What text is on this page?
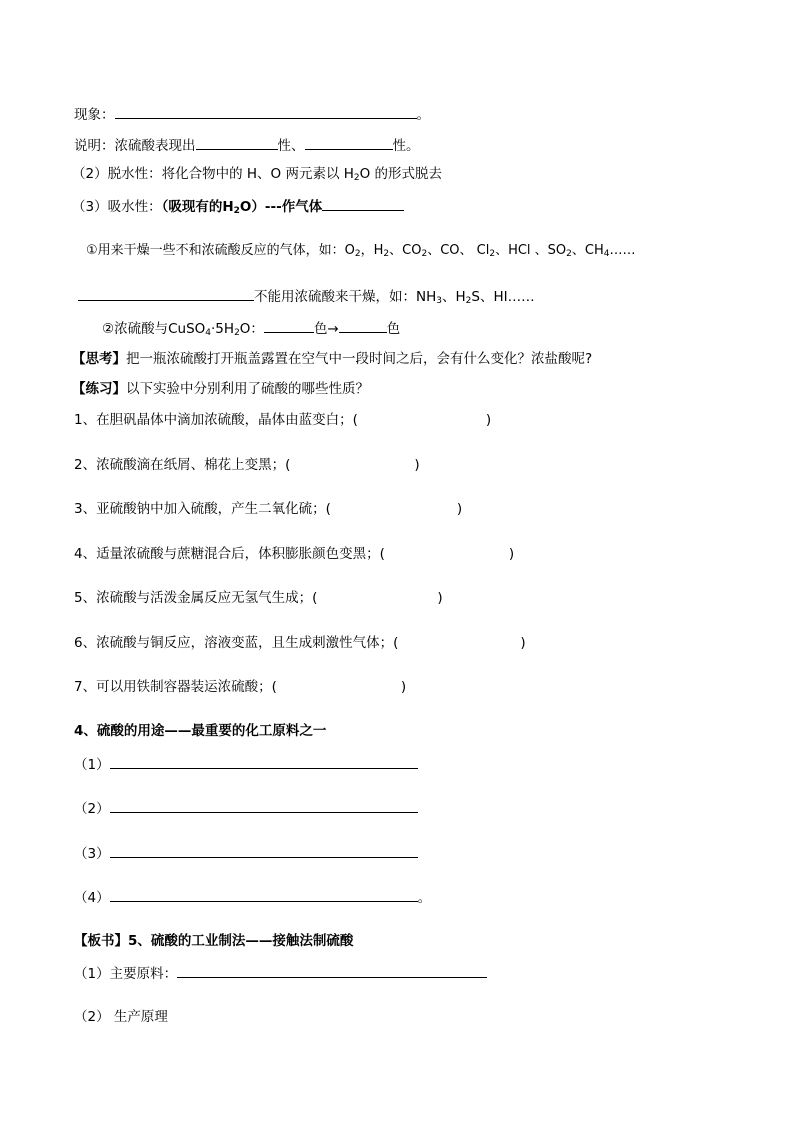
现象：	。
说明：浓硫酸表现出	性、	性。
（2）脱水性：将化合物中的 H、O 两元素以 $H_2O$ 的形式脱去
（3）吸水性：（吸现有的$H_2O)---$作气体
①用来干燥一些不和浓硫酸反应的气体，如：$O_2$，$H_2$、$CO_2$、CO、 $Cl_2$、HCl 、$SO_2$、$CH_4\dots\dots$
不能用浓硫酸来干燥，如：$NH_3$、$H_2S$、HI……
②浓硫酸与$CuSO_4\cdot 5H_2O$：	色→	色
【思考】把一瓶浓硫酸打开瓶盖露置在空气中一段时间之后，会有什么变化？浓盐酸呢?
【练习】以下实验中分别利用了硫酸的哪些性质？
1、在胆矾晶体中滴加浓硫酸，晶体由蓝变白；(	)
2、浓硫酸滴在纸屑、棉花上变黑；(	)
3、亚硫酸钠中加入硫酸，产生二氧化硫；(	)
4、适量浓硫酸与蔗糖混合后，体积膨胀颜色变黑；(	)
5、浓硫酸与活泼金属反应无氢气生成；(	)
6、浓硫酸与铜反应，溶液变蓝，且生成刺激性气体；(	)
7、可以用铁制容器装运浓硫酸；(	)
4、硫酸的用途——最重要的化工原料之一
（1）
（2）
（3）
（4）	。
【板书】5、硫酸的工业制法——接触法制硫酸
（1）主要原料：
（2） 生产原理
